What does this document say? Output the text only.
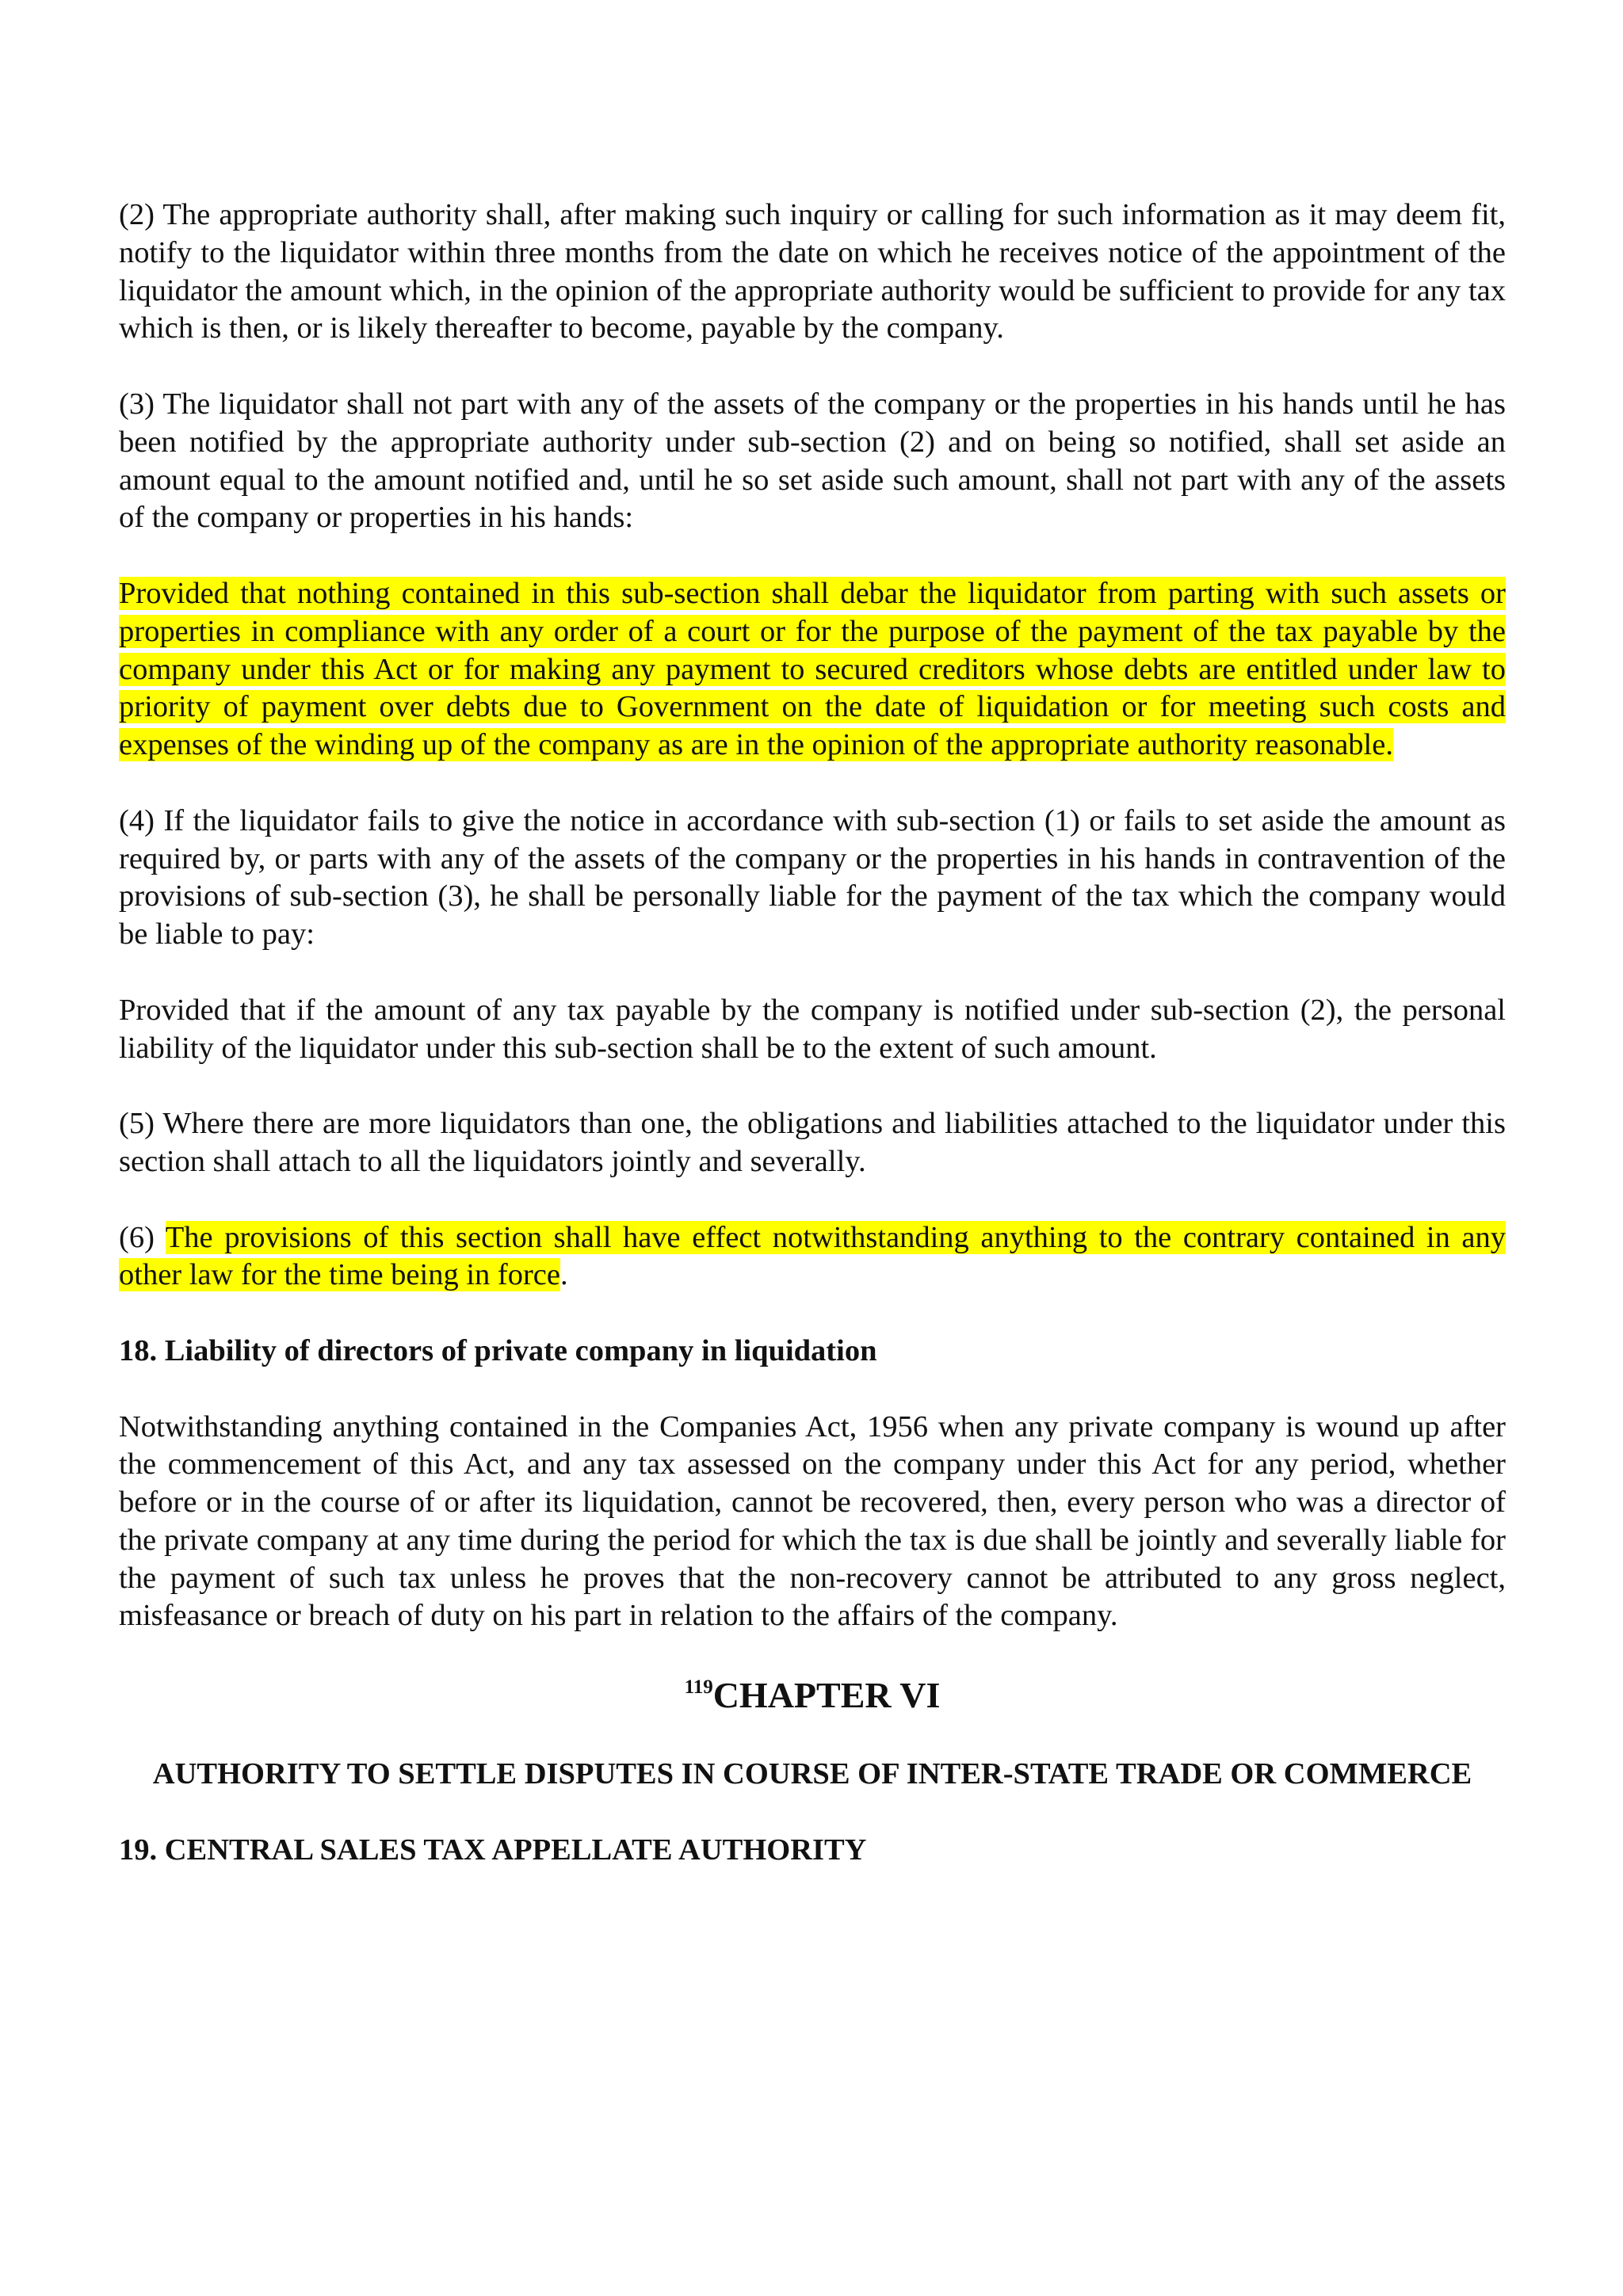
(2) The appropriate authority shall, after making such inquiry or calling for such information as it may deem fit, notify to the liquidator within three months from the date on which he receives notice of the appointment of the liquidator the amount which, in the opinion of the appropriate authority would be sufficient to provide for any tax which is then, or is likely thereafter to become, payable by the company.

(3) The liquidator shall not part with any of the assets of the company or the properties in his hands until he has been notified by the appropriate authority under sub-section (2) and on being so notified, shall set aside an amount equal to the amount notified and, until he so set aside such amount, shall not part with any of the assets of the company or properties in his hands:

Provided that nothing contained in this sub-section shall debar the liquidator from parting with such assets or properties in compliance with any order of a court or for the purpose of the payment of the tax payable by the company under this Act or for making any payment to secured creditors whose debts are entitled under law to priority of payment over debts due to Government on the date of liquidation or for meeting such costs and expenses of the winding up of the company as are in the opinion of the appropriate authority reasonable.

(4) If the liquidator fails to give the notice in accordance with sub-section (1) or fails to set aside the amount as required by, or parts with any of the assets of the company or the properties in his hands in contravention of the provisions of sub-section (3), he shall be personally liable for the payment of the tax which the company would be liable to pay:

Provided that if the amount of any tax payable by the company is notified under sub-section (2), the personal liability of the liquidator under this sub-section shall be to the extent of such amount.

(5) Where there are more liquidators than one, the obligations and liabilities attached to the liquidator under this section shall attach to all the liquidators jointly and severally.

(6) The provisions of this section shall have effect notwithstanding anything to the contrary contained in any other law for the time being in force.

18. Liability of directors of private company in liquidation

Notwithstanding anything contained in the Companies Act, 1956 when any private company is wound up after the commencement of this Act, and any tax assessed on the company under this Act for any period, whether before or in the course of or after its liquidation, cannot be recovered, then, every person who was a director of the private company at any time during the period for which the tax is due shall be jointly and severally liable for the payment of such tax unless he proves that the non-recovery cannot be attributed to any gross neglect, misfeasance or breach of duty on his part in relation to the affairs of the company.

$^{119}$CHAPTER VI
AUTHORITY TO SETTLE DISPUTES IN COURSE OF INTER-STATE TRADE OR COMMERCE
19. CENTRAL SALES TAX APPELLATE AUTHORITY
